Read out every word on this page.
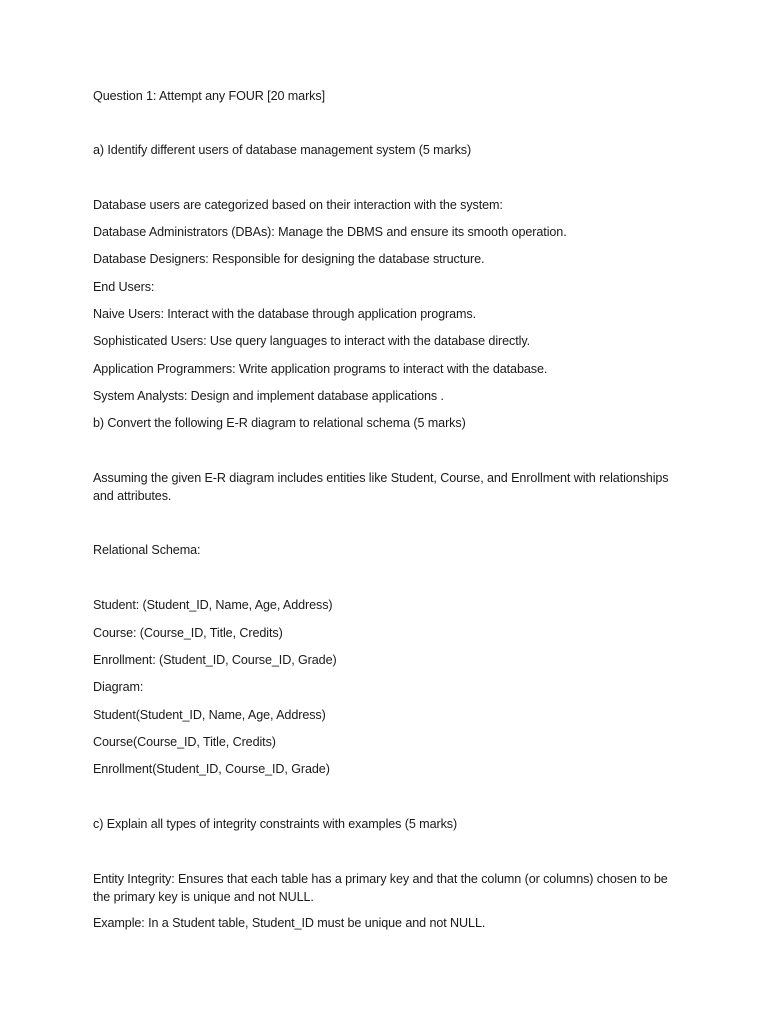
Question 1: Attempt any FOUR [20 marks]
a) Identify different users of database management system (5 marks)
Database users are categorized based on their interaction with the system:
Database Administrators (DBAs): Manage the DBMS and ensure its smooth operation.
Database Designers: Responsible for designing the database structure.
End Users:
Naive Users: Interact with the database through application programs.
Sophisticated Users: Use query languages to interact with the database directly.
Application Programmers: Write application programs to interact with the database.
System Analysts: Design and implement database applications .
b) Convert the following E-R diagram to relational schema (5 marks)
Assuming the given E-R diagram includes entities like Student, Course, and Enrollment with relationships and attributes.
Relational Schema:
Student: (Student_ID, Name, Age, Address)
Course: (Course_ID, Title, Credits)
Enrollment: (Student_ID, Course_ID, Grade)
Diagram:
Student(Student_ID, Name, Age, Address)
Course(Course_ID, Title, Credits)
Enrollment(Student_ID, Course_ID, Grade)
c) Explain all types of integrity constraints with examples (5 marks)
Entity Integrity: Ensures that each table has a primary key and that the column (or columns) chosen to be the primary key is unique and not NULL.
Example: In a Student table, Student_ID must be unique and not NULL.
